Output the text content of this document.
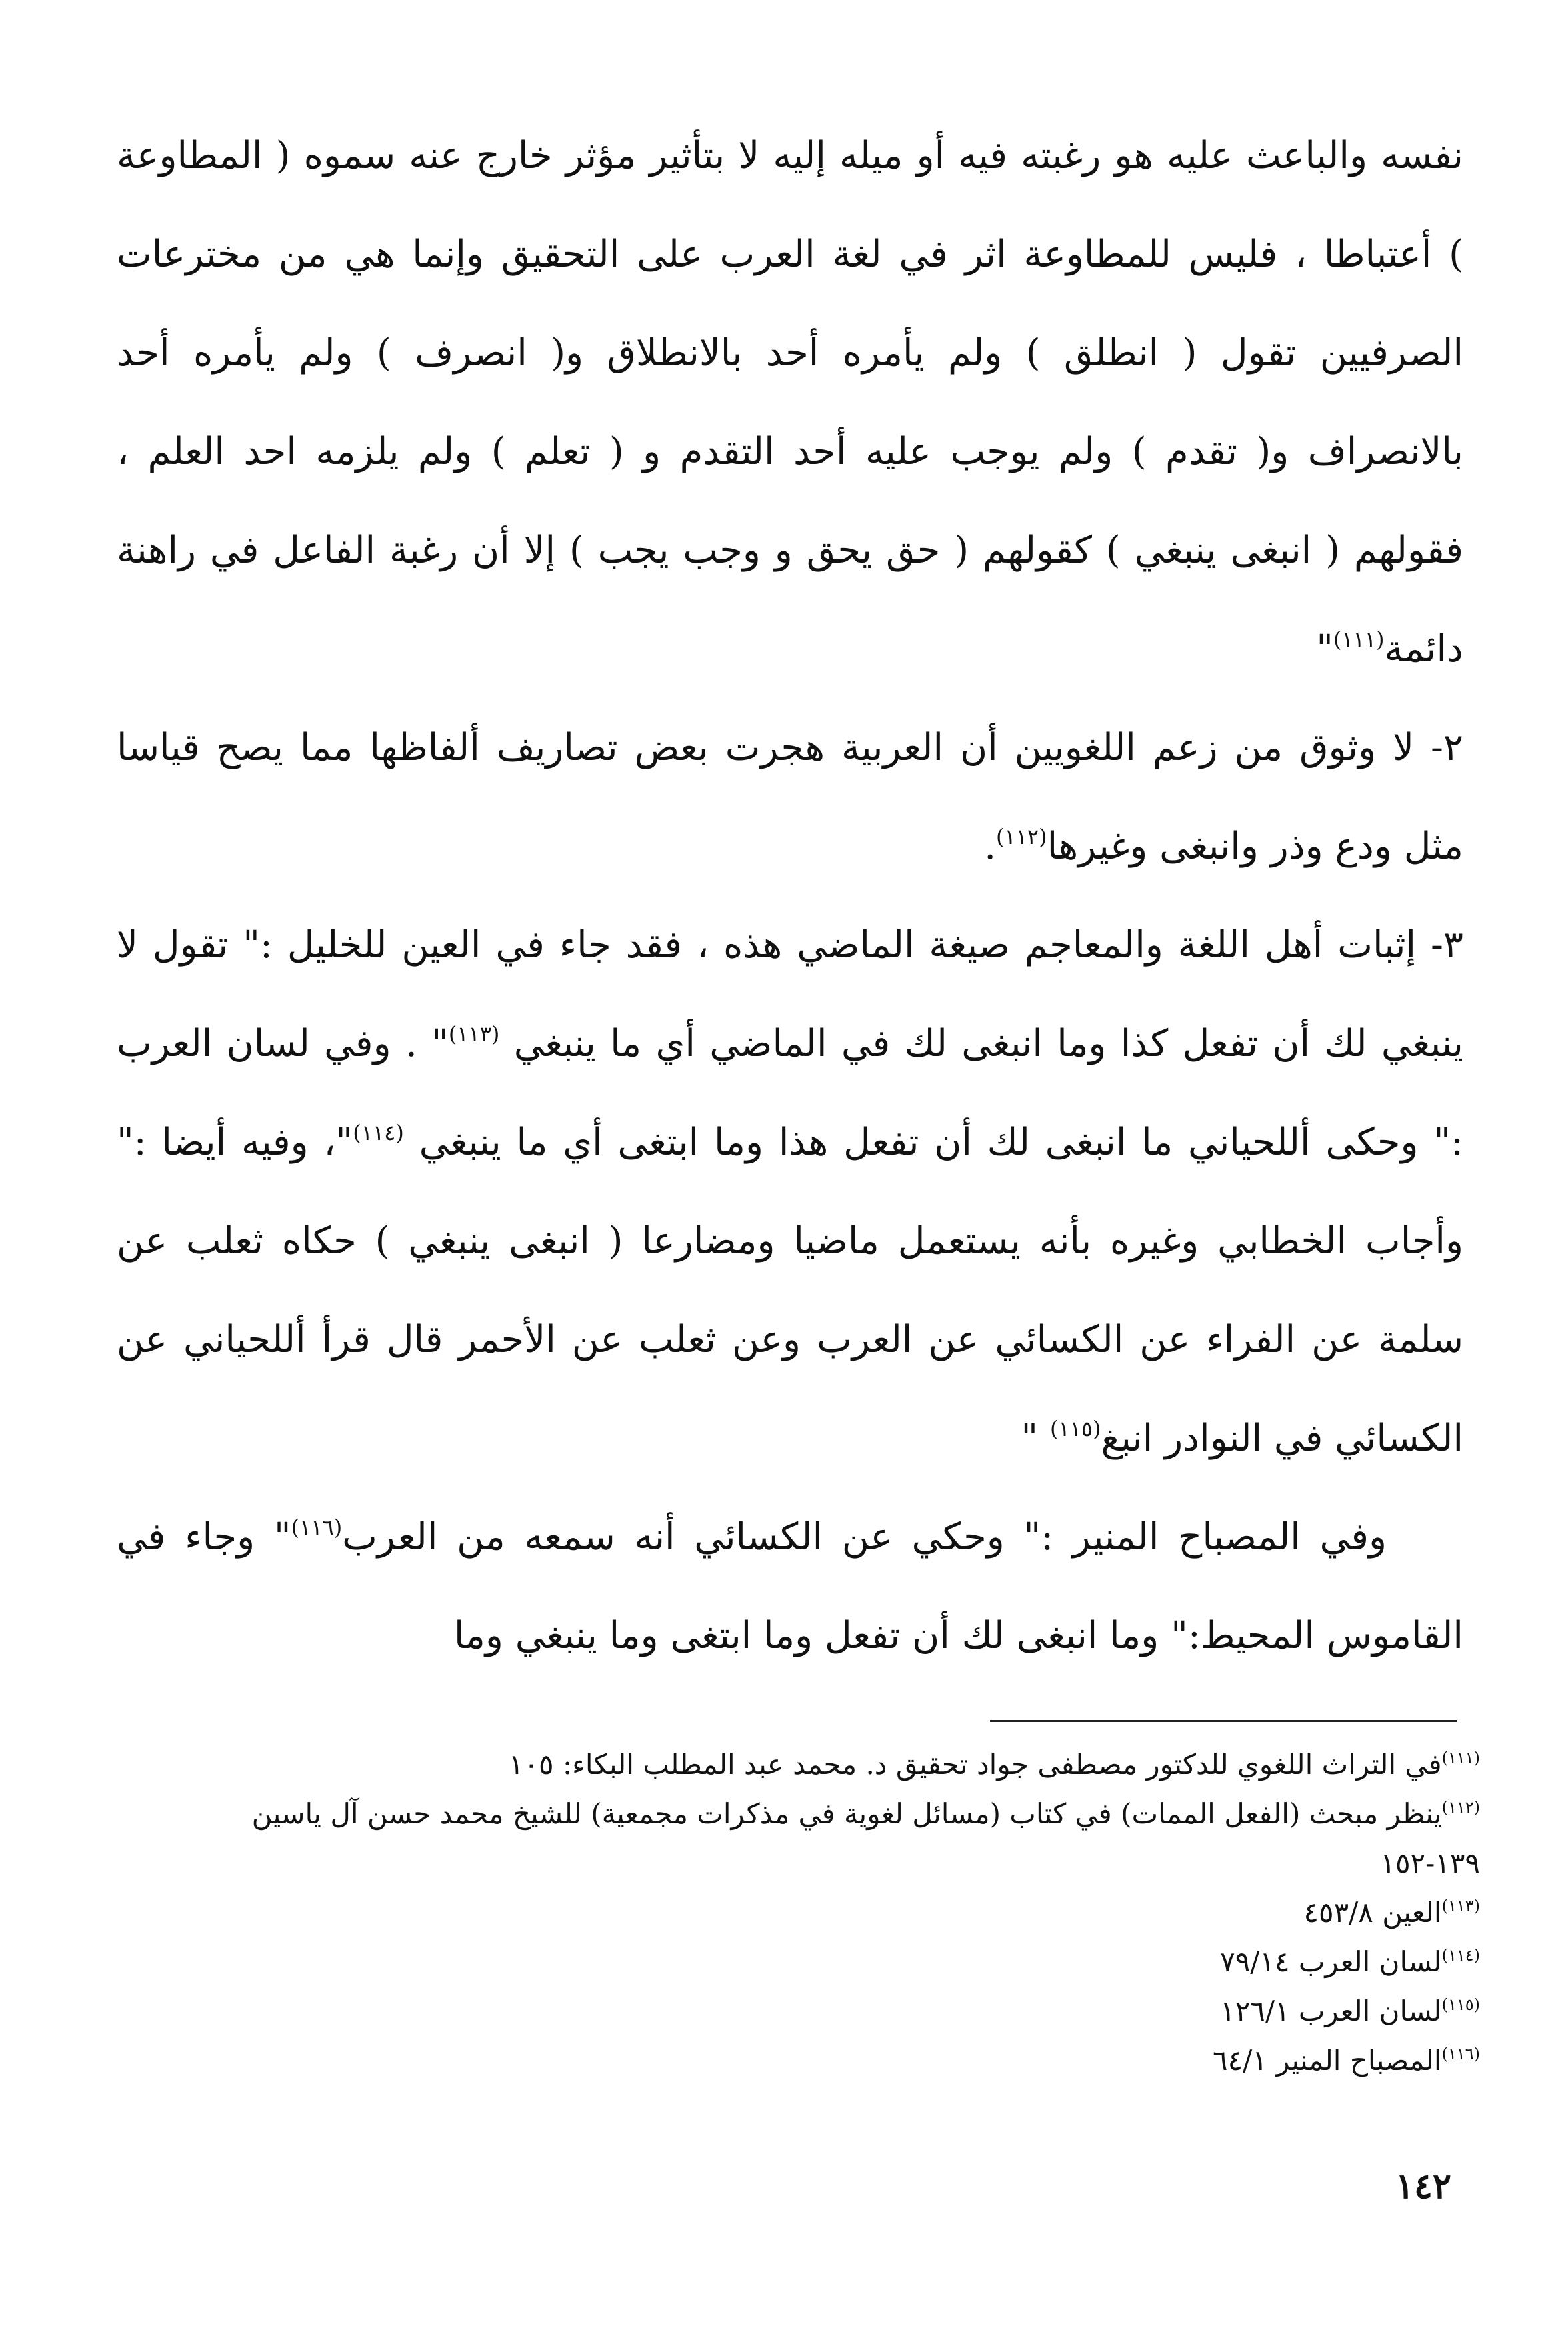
نفسه والباعث عليه هو رغبته فيه أو ميله إليه لا بتأثير مؤثر خارج عنه سموه ( المطاوعة ) أعتباطا ، فليس للمطاوعة اثر في لغة العرب على التحقيق وإنما هي من مخترعات الصرفيين تقول ( انطلق ) ولم يأمره أحد بالانطلاق و( انصرف ) ولم يأمره أحد بالانصراف و( تقدم ) ولم يوجب عليه أحد التقدم و ( تعلم ) ولم يلزمه احد العلم ، فقولهم ( انبغى ينبغي ) كقولهم ( حق يحق و وجب يجب ) إلا أن رغبة الفاعل في راهنة دائمة$^{(١١١)}$"

٢- لا وثوق من زعم اللغويين أن العربية هجرت بعض تصاريف ألفاظها مما يصح قياسا مثل ودع وذر وانبغى وغيرها$^{(١١٢)}$.

٣- إثبات أهل اللغة والمعاجم صيغة الماضي هذه ، فقد جاء في العين للخليل :" تقول لا ينبغي لك أن تفعل كذا وما انبغى لك في الماضي أي ما ينبغي $^{(١١٣)}$" . وفي لسان العرب :" وحكى أللحياني ما انبغى لك أن تفعل هذا وما ابتغى أي ما ينبغي $^{(١١٤)}$"، وفيه أيضا :" وأجاب الخطابي وغيره بأنه يستعمل ماضيا ومضارعا ( انبغى ينبغي ) حكاه ثعلب عن سلمة عن الفراء عن الكسائي عن العرب وعن ثعلب عن الأحمر قال قرأ أللحياني عن الكسائي في النوادر انبغ$^{(١١٥)}$ "

وفي المصباح المنير :" وحكي عن الكسائي أنه سمعه من العرب$^{(١١٦)}$" وجاء في القاموس المحيط:" وما انبغى لك أن تفعل وما ابتغى وما ينبغي وما

$^{(١١١)}$في التراث اللغوي للدكتور مصطفى جواد تحقيق د. محمد عبد المطلب البكاء: ١٠٥

$^{(١١٢)}$ينظر مبحث (الفعل الممات) في كتاب (مسائل لغوية في مذكرات مجمعية) للشيخ محمد حسن آل ياسين ١٣٩-١٥٢

$^{(١١٣)}$العين ٤٥٣/٨

$^{(١١٤)}$لسان العرب ٧٩/١٤

$^{(١١٥)}$لسان العرب ١٢٦/١

$^{(١١٦)}$المصباح المنير ٦٤/١

١٤٢
